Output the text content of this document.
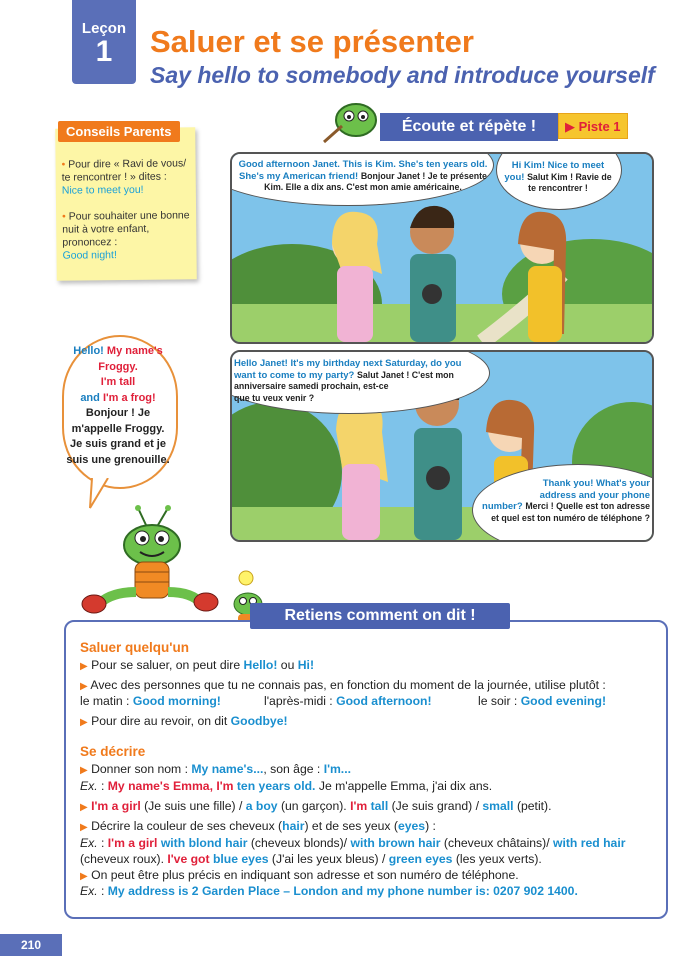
Leçon
1	Saluer et se présenter
Say hello to somebody and introduce yourself
• Pour dire « Ravi de vous/ te rencontrer ! » dites :
Nice to meet you!
• Pour souhaiter une bonne nuit à votre enfant, prononcez :
Good night!
Conseils Parents
Hello! My name's
Froggy.
I'm tall
and I'm a frog!
Bonjour ! Je
m'appelle Froggy.
Je suis grand et je
suis une grenouille.
Écoute et répète !	▶ Piste 1
Good afternoon Janet. This is Kim. She's ten years old.
She's my American friend! Bonjour Janet ! Je te présente
Kim. Elle a dix ans. C'est mon amie américaine.
Hi Kim! Nice to meet
you! Salut Kim ! Ravie de
te rencontrer !
Hello Janet! It's my birthday next Saturday, do you
want to come to my party? Salut Janet ! C'est mon
anniversaire samedi prochain, est-ce
que tu veux venir ?
Thank you! What's your
address and your phone
number? Merci ! Quelle est ton adresse
et quel est ton numéro de téléphone ?
Saluer quelqu'un
▶ Pour se saluer, on peut dire Hello! ou Hi!
▶ Avec des personnes que tu ne connais pas, en fonction du moment de la journée, utilise plutôt :
le matin : Good morning!	l'après-midi : Good afternoon!	le soir : Good evening!
▶ Pour dire au revoir, on dit Goodbye!
Se décrire
▶ Donner son nom : My name's..., son âge : I'm...
Ex. : My name's Emma, I'm ten years old. Je m'appelle Emma, j'ai dix ans.
▶ I'm a girl (Je suis une fille) / a boy (un garçon). I'm tall (Je suis grand) / small (petit).
▶ Décrire la couleur de ses cheveux (hair) et de ses yeux (eyes) :
Ex. : I'm a girl with blond hair (cheveux blonds)/ with brown hair (cheveux châtains)/ with red hair
(cheveux roux). I've got blue eyes (J'ai les yeux bleus) / green eyes (les yeux verts).
▶ On peut être plus précis en indiquant son adresse et son numéro de téléphone.
Ex. : My address is 2 Garden Place – London and my phone number is: 0207 902 1400.
Retiens comment on dit !
210
